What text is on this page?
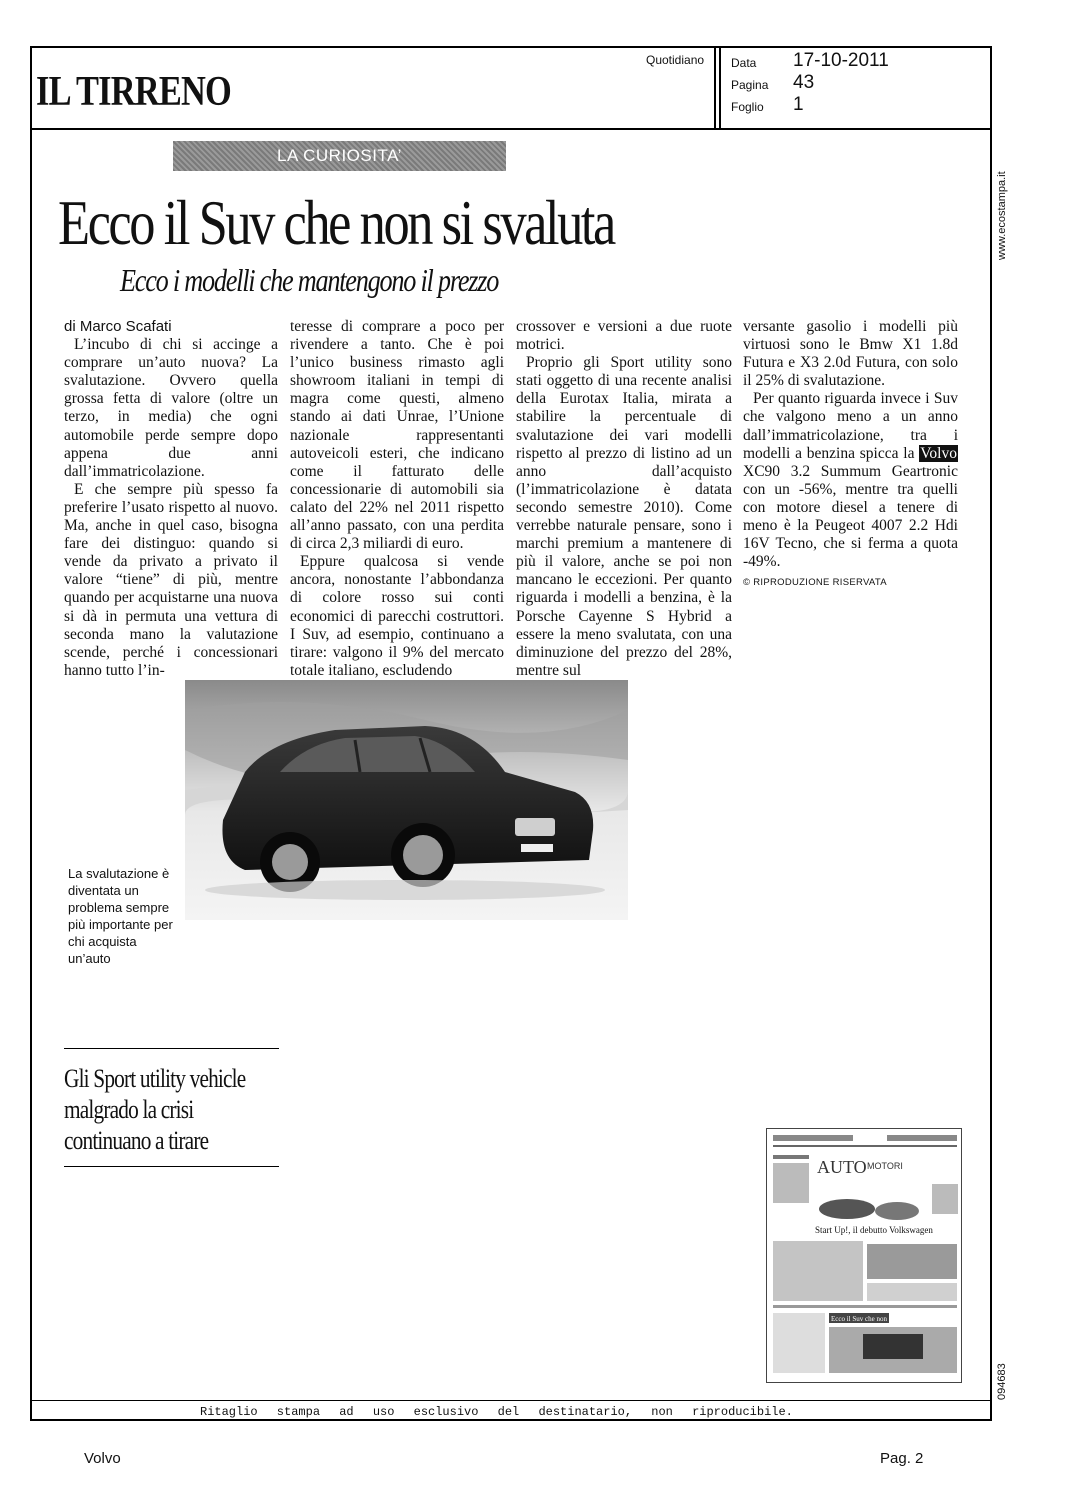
IL TIRRENO
Quotidiano Data 17-10-2011
Pagina 43
Foglio 1
www.ecostampa.it
094683
LA CURIOSITA’
Ecco il Suv che non si svaluta
Ecco i modelli che mantengono il prezzo

di Marco Scafati

L’incubo di chi si accinge a comprare un’auto nuova? La svalutazione. Ovvero quella grossa fetta di valore (oltre un terzo, in media) che ogni automobile perde sempre dopo appena due anni dall’immatricolazione.

E che sempre più spesso fa preferire l’usato rispetto al nuovo. Ma, anche in quel caso, bisogna fare dei distinguo: quando si vende da privato a privato il valore “tiene” di più, mentre quando per acquistarne una nuova si dà in permuta una vettura di seconda mano la valutazione scende, perché i concessionari hanno tutto l’in-

teresse di comprare a poco per rivendere a tanto. Che è poi l’unico business rimasto agli showroom italiani in tempi di magra come questi, almeno stando ai dati Unrae, l’Unione nazionale rappresentanti autoveicoli esteri, che indicano come il fatturato delle concessionarie di automobili sia calato del 22% nel 2011 rispetto all’anno passato, con una perdita di circa 2,3 miliardi di euro.

Eppure qualcosa si vende ancora, nonostante l’abbondanza di colore rosso sui conti economici di parecchi costruttori. I Suv, ad esempio, continuano a tirare: valgono il 9% del mercato totale italiano, escludendo

crossover e versioni a due ruote motrici.

Proprio gli Sport utility sono stati oggetto di una recente analisi della Eurotax Italia, mirata a stabilire la percentuale di svalutazione dei vari modelli rispetto al prezzo di listino ad un anno dall’acquisto (l’immatricolazione è datata secondo semestre 2010). Come verrebbe naturale pensare, sono i marchi premium a mantenere di più il valore, anche se poi non mancano le eccezioni. Per quanto riguarda i modelli a benzina, è la Porsche Cayenne S Hybrid a essere la meno svalutata, con una diminuzione del prezzo del 28%, mentre sul

versante gasolio i modelli più virtuosi sono le Bmw X1 1.8d Futura e X3 2.0d Futura, con solo il 25% di svalutazione.

Per quanto riguarda invece i Suv che valgono meno a un anno dall’immatricolazione, tra i modelli a benzina spicca la Volvo XC90 3.2 Summum Geartronic con un -56%, mentre tra quelli con motore diesel a tenere di meno è la Peugeot 4007 2.2 Hdi 16V Tecno, che si ferma a quota -49%.

© RIPRODUZIONE RISERVATA

La svalutazione è diventata un problema sempre più importante per chi acquista un’auto
Gli Sport utility vehicle malgrado la crisi continuano a tirare
AUTO MOTORI
Start Up!, il debutto Volkswagen
Ecco il Suv che non si svaluta
Ritaglio stampa ad uso esclusivo del destinatario, non riproducibile.
Volvo	Pag. 2
